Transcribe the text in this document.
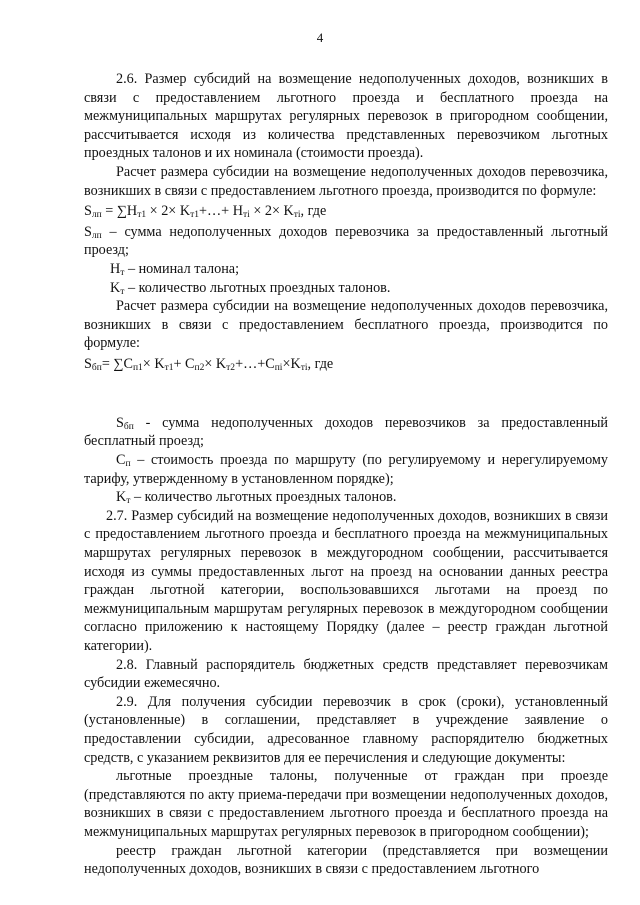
4

2.6. Размер субсидий на возмещение недополученных доходов, возникших в связи с предоставлением льготного проезда и бесплатного проезда на межмуниципальных маршрутах регулярных перевозок в пригородном сообщении, рассчитывается исходя из количества представленных перевозчиком льготных проездных талонов и их номинала (стоимости проезда).

Расчет размера субсидии на возмещение недополученных доходов перевозчика, возникших в связи с предоставлением льготного проезда, производится по формуле:

$S_{лп} = \sum H_{т1} \times 2\times$ $K_{т1}+\dots+ H_{тi} \times 2\times K_{тi}$, где

$S_{лп}$ – сумма недополученных доходов перевозчика за предоставленный льготный проезд;

$H_т$ – номинал талона;

$K_т$ – количество льготных проездных талонов.

Расчет размера субсидии на возмещение недополученных доходов перевозчика, возникших в связи с предоставлением бесплатного проезда, производится по формуле:

$S_{бп}= \sum C_{п1}\times K_{т1}+ C_{п2}\times$ $K_{т2}+\dots+C_{пi}\times K_{тi}$, где

$S_{бп}$ - сумма недополученных доходов перевозчиков за предоставленный бесплатный проезд;

$C_п$ – стоимость проезда по маршруту (по регулируемому и нерегулируемому тарифу, утвержденному в установленном порядке);

$K_т$ – количество льготных проездных талонов.

2.7. Размер субсидий на возмещение недополученных доходов, возникших в связи с предоставлением льготного проезда и бесплатного проезда на межмуниципальных маршрутах регулярных перевозок в междугородном сообщении, рассчитывается исходя из суммы предоставленных льгот на проезд на основании данных реестра граждан льготной категории, воспользовавшихся льготами на проезд по межмуниципальным маршрутам регулярных перевозок в междугородном сообщении согласно приложению к настоящему Порядку (далее – реестр граждан льготной категории).

2.8. Главный распорядитель бюджетных средств представляет перевозчикам субсидии ежемесячно.

2.9. Для получения субсидии перевозчик в срок (сроки), установленный (установленные) в соглашении, представляет в учреждение заявление о предоставлении субсидии, адресованное главному распорядителю бюджетных средств, с указанием реквизитов для ее перечисления и следующие документы:

льготные проездные талоны, полученные от граждан при проезде (представляются по акту приема-передачи при возмещении недополученных доходов, возникших в связи с предоставлением льготного проезда и бесплатного проезда на межмуниципальных маршрутах регулярных перевозок в пригородном сообщении);

реестр граждан льготной категории (представляется при возмещении недополученных доходов, возникших в связи с предоставлением льготного
